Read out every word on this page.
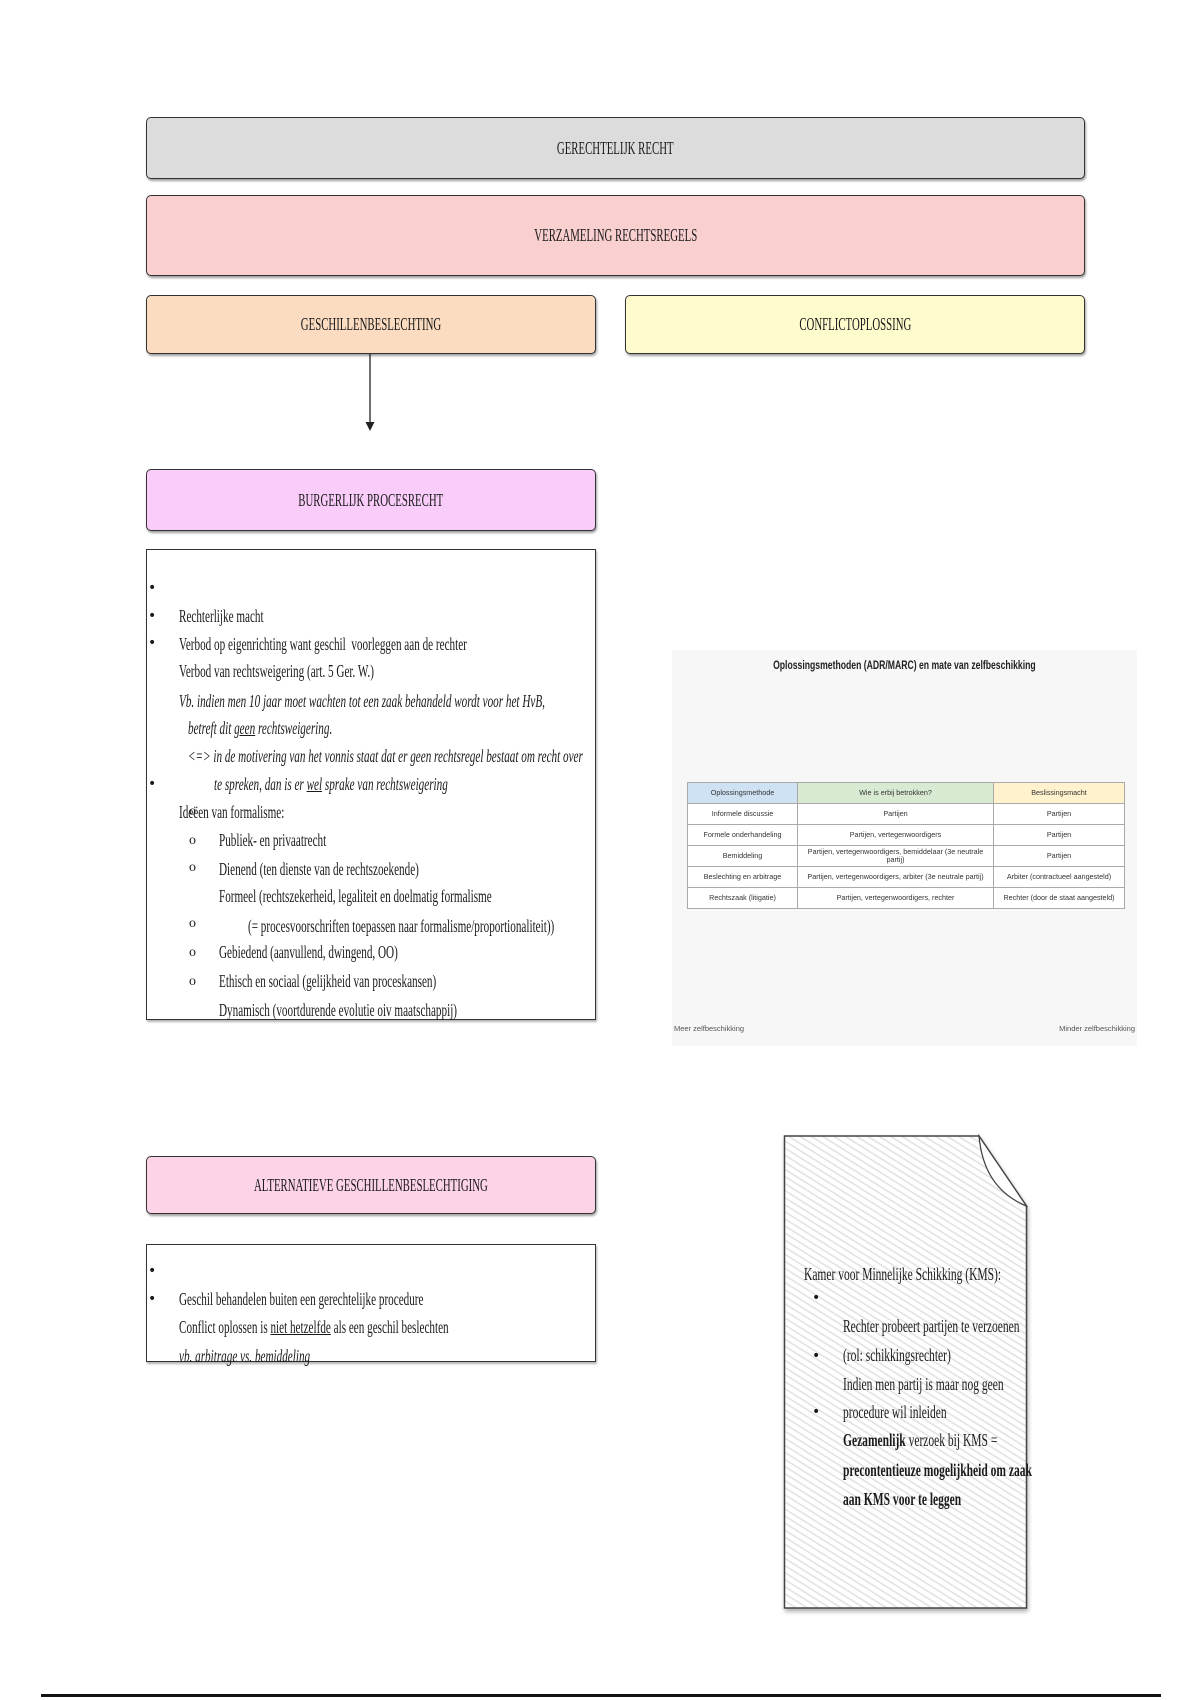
GERECHTELIJK RECHT
VERZAMELING RECHTSREGELS
GESCHILLENBESLECHTING	CONFLICTOPLOSSING
BURGERLIJK PROCESRECHT

• Rechterlijke macht

• Verbod op eigenrichting want geschil  voorleggen aan de rechter

• Verbod van rechtsweigering (art. 5 Ger. W.)

Vb. indien men 10 jaar moet wachten tot een zaak behandeld wordt voor het HvB,

betreft dit geen rechtsweigering.

<=> in de motivering van het vonnis staat dat er geen rechtsregel bestaat om recht over

te spreken, dan is er wel sprake van rechtsweigering

• Ideëen van formalisme:

o Publiek- en privaatrecht

o Dienend (ten dienste van de rechtszoekende)

o Formeel (rechtszekerheid, legaliteit en doelmatig formalisme

(= procesvoorschriften toepassen naar formalisme/proportionaliteit))

o Gebiedend (aanvullend, dwingend, OO)

o Ethisch en sociaal (gelijkheid van proceskansen)

o Dynamisch (voortdurende evolutie oiv maatschappij)

Oplossingsmethoden (ADR/MARC) en mate van zelfbeschikking
Oplossingsmethode	Wie is erbij betrokken?	Beslissingsmacht
Informele discussie	Partijen	Partijen
Formele onderhandeling	Partijen, vertegenwoordigers	Partijen
Bemiddeling	Partijen, vertegenwoordigers, bemiddelaar (3e neutrale partij)	Partijen
Beslechting en arbitrage	Partijen, vertegenwoordigers, arbiter (3e neutrale partij)	Arbiter (contractueel aangesteld)
Rechtszaak (litigatie)	Partijen, vertegenwoordigers, rechter	Rechter (door de staat aangesteld)
Meer zelfbeschikking	Minder zelfbeschikking
ALTERNATIEVE GESCHILLENBESLECHTIGING

• Geschil behandelen buiten een gerechtelijke procedure

• Conflict oplossen is niet hetzelfde als een geschil beslechten

vb. arbitrage vs. bemiddeling

Kamer voor Minnelijke Schikking (KMS):

• Rechter probeert partijen te verzoenen

(rol: schikkingsrechter)

• Indien men partij is maar nog geen

procedure wil inleiden

• Gezamenlijk verzoek bij KMS =

precontentieuze mogelijkheid om zaak

aan KMS voor te leggen
